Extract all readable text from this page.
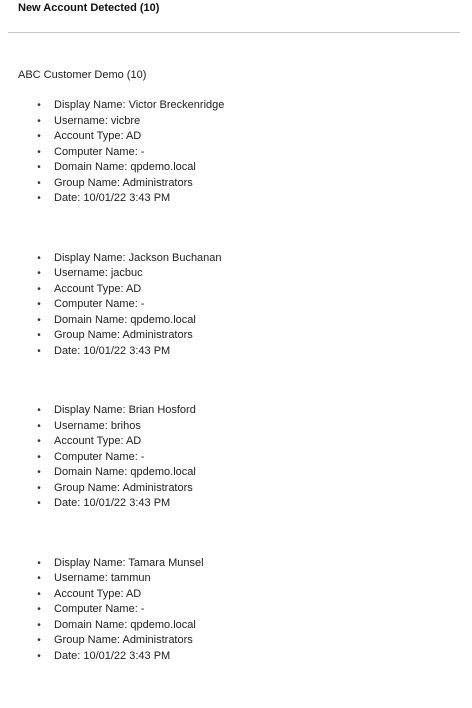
New Account Detected (10)

ABC Customer Demo (10)

• Display Name: Victor Breckenridge
• Username: vicbre
• Account Type: AD
• Computer Name: -
• Domain Name: qpdemo.local
• Group Name: Administrators
• Date: 10/01/22 3:43 PM
• Display Name: Jackson Buchanan
• Username: jacbuc
• Account Type: AD
• Computer Name: -
• Domain Name: qpdemo.local
• Group Name: Administrators
• Date: 10/01/22 3:43 PM
• Display Name: Brian Hosford
• Username: brihos
• Account Type: AD
• Computer Name: -
• Domain Name: qpdemo.local
• Group Name: Administrators
• Date: 10/01/22 3:43 PM
• Display Name: Tamara Munsel
• Username: tammun
• Account Type: AD
• Computer Name: -
• Domain Name: qpdemo.local
• Group Name: Administrators
• Date: 10/01/22 3:43 PM
